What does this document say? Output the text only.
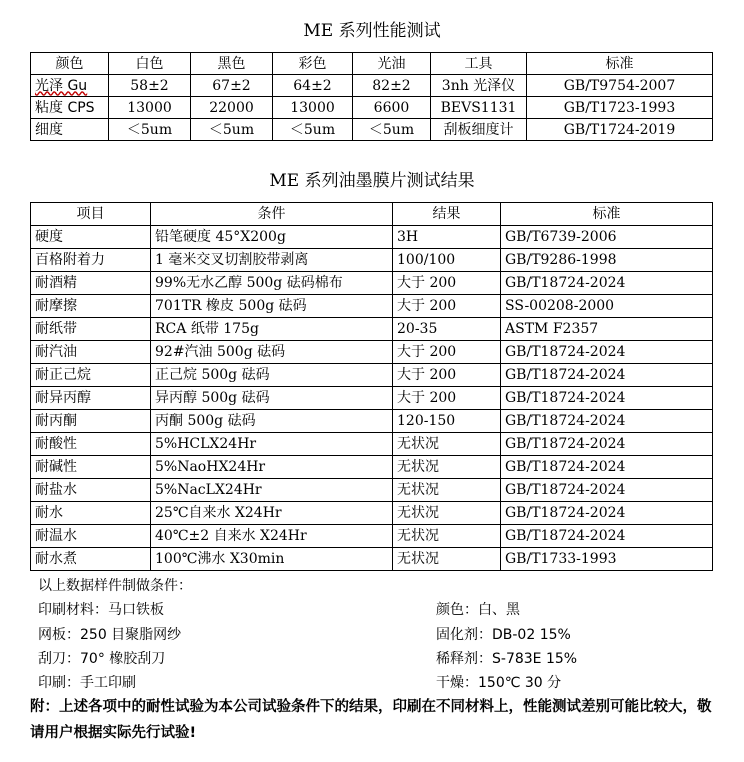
ME 系列性能测试
颜色	白色	黑色	彩色	光油	工具	标准
光泽 Gu	58±2	67±2	64±2	82±2	3nh 光泽仪	GB/T9754-2007
粘度 CPS	13000	22000	13000	6600	BEVS1131	GB/T1723-1993
细度	＜5um	＜5um	＜5um	＜5um	刮板细度计	GB/T1724-2019
ME 系列油墨膜片测试结果
项目	条件	结果	标准
硬度	铅笔硬度 45°X200g	3H	GB/T6739-2006
百格附着力	1 毫米交叉切割胶带剥离	100/100	GB/T9286-1998
耐酒精	99%无水乙醇 500g 砝码棉布	大于 200	GB/T18724-2024
耐摩擦	701TR 橡皮 500g 砝码	大于 200	SS-00208-2000
耐纸带	RCA 纸带 175g	20-35	ASTM F2357
耐汽油	92#汽油 500g 砝码	大于 200	GB/T18724-2024
耐正己烷	正己烷 500g 砝码	大于 200	GB/T18724-2024
耐异丙醇	异丙醇 500g 砝码	大于 200	GB/T18724-2024
耐丙酮	丙酮 500g 砝码	120-150	GB/T18724-2024
耐酸性	5%HCLX24Hr	无状况	GB/T18724-2024
耐碱性	5%NaoHX24Hr	无状况	GB/T18724-2024
耐盐水	5%NacLX24Hr	无状况	GB/T18724-2024
耐水	25℃自来水 X24Hr	无状况	GB/T18724-2024
耐温水	40℃±2 自来水 X24Hr	无状况	GB/T18724-2024
耐水煮	100℃沸水 X30min	无状况	GB/T1733-1993
以上数据样件制做条件：
印刷材料：马口铁板
网板：250 目聚脂网纱
刮刀：70° 橡胶刮刀
印刷：手工印刷
颜色：白、黑
固化剂：DB-02 15%
稀释剂：S-783E 15%
干燥：150℃ 30 分
附：上述各项中的耐性试验为本公司试验条件下的结果，印刷在不同材料上，性能测试差别可能比较大，敬请用户根据实际先行试验!
